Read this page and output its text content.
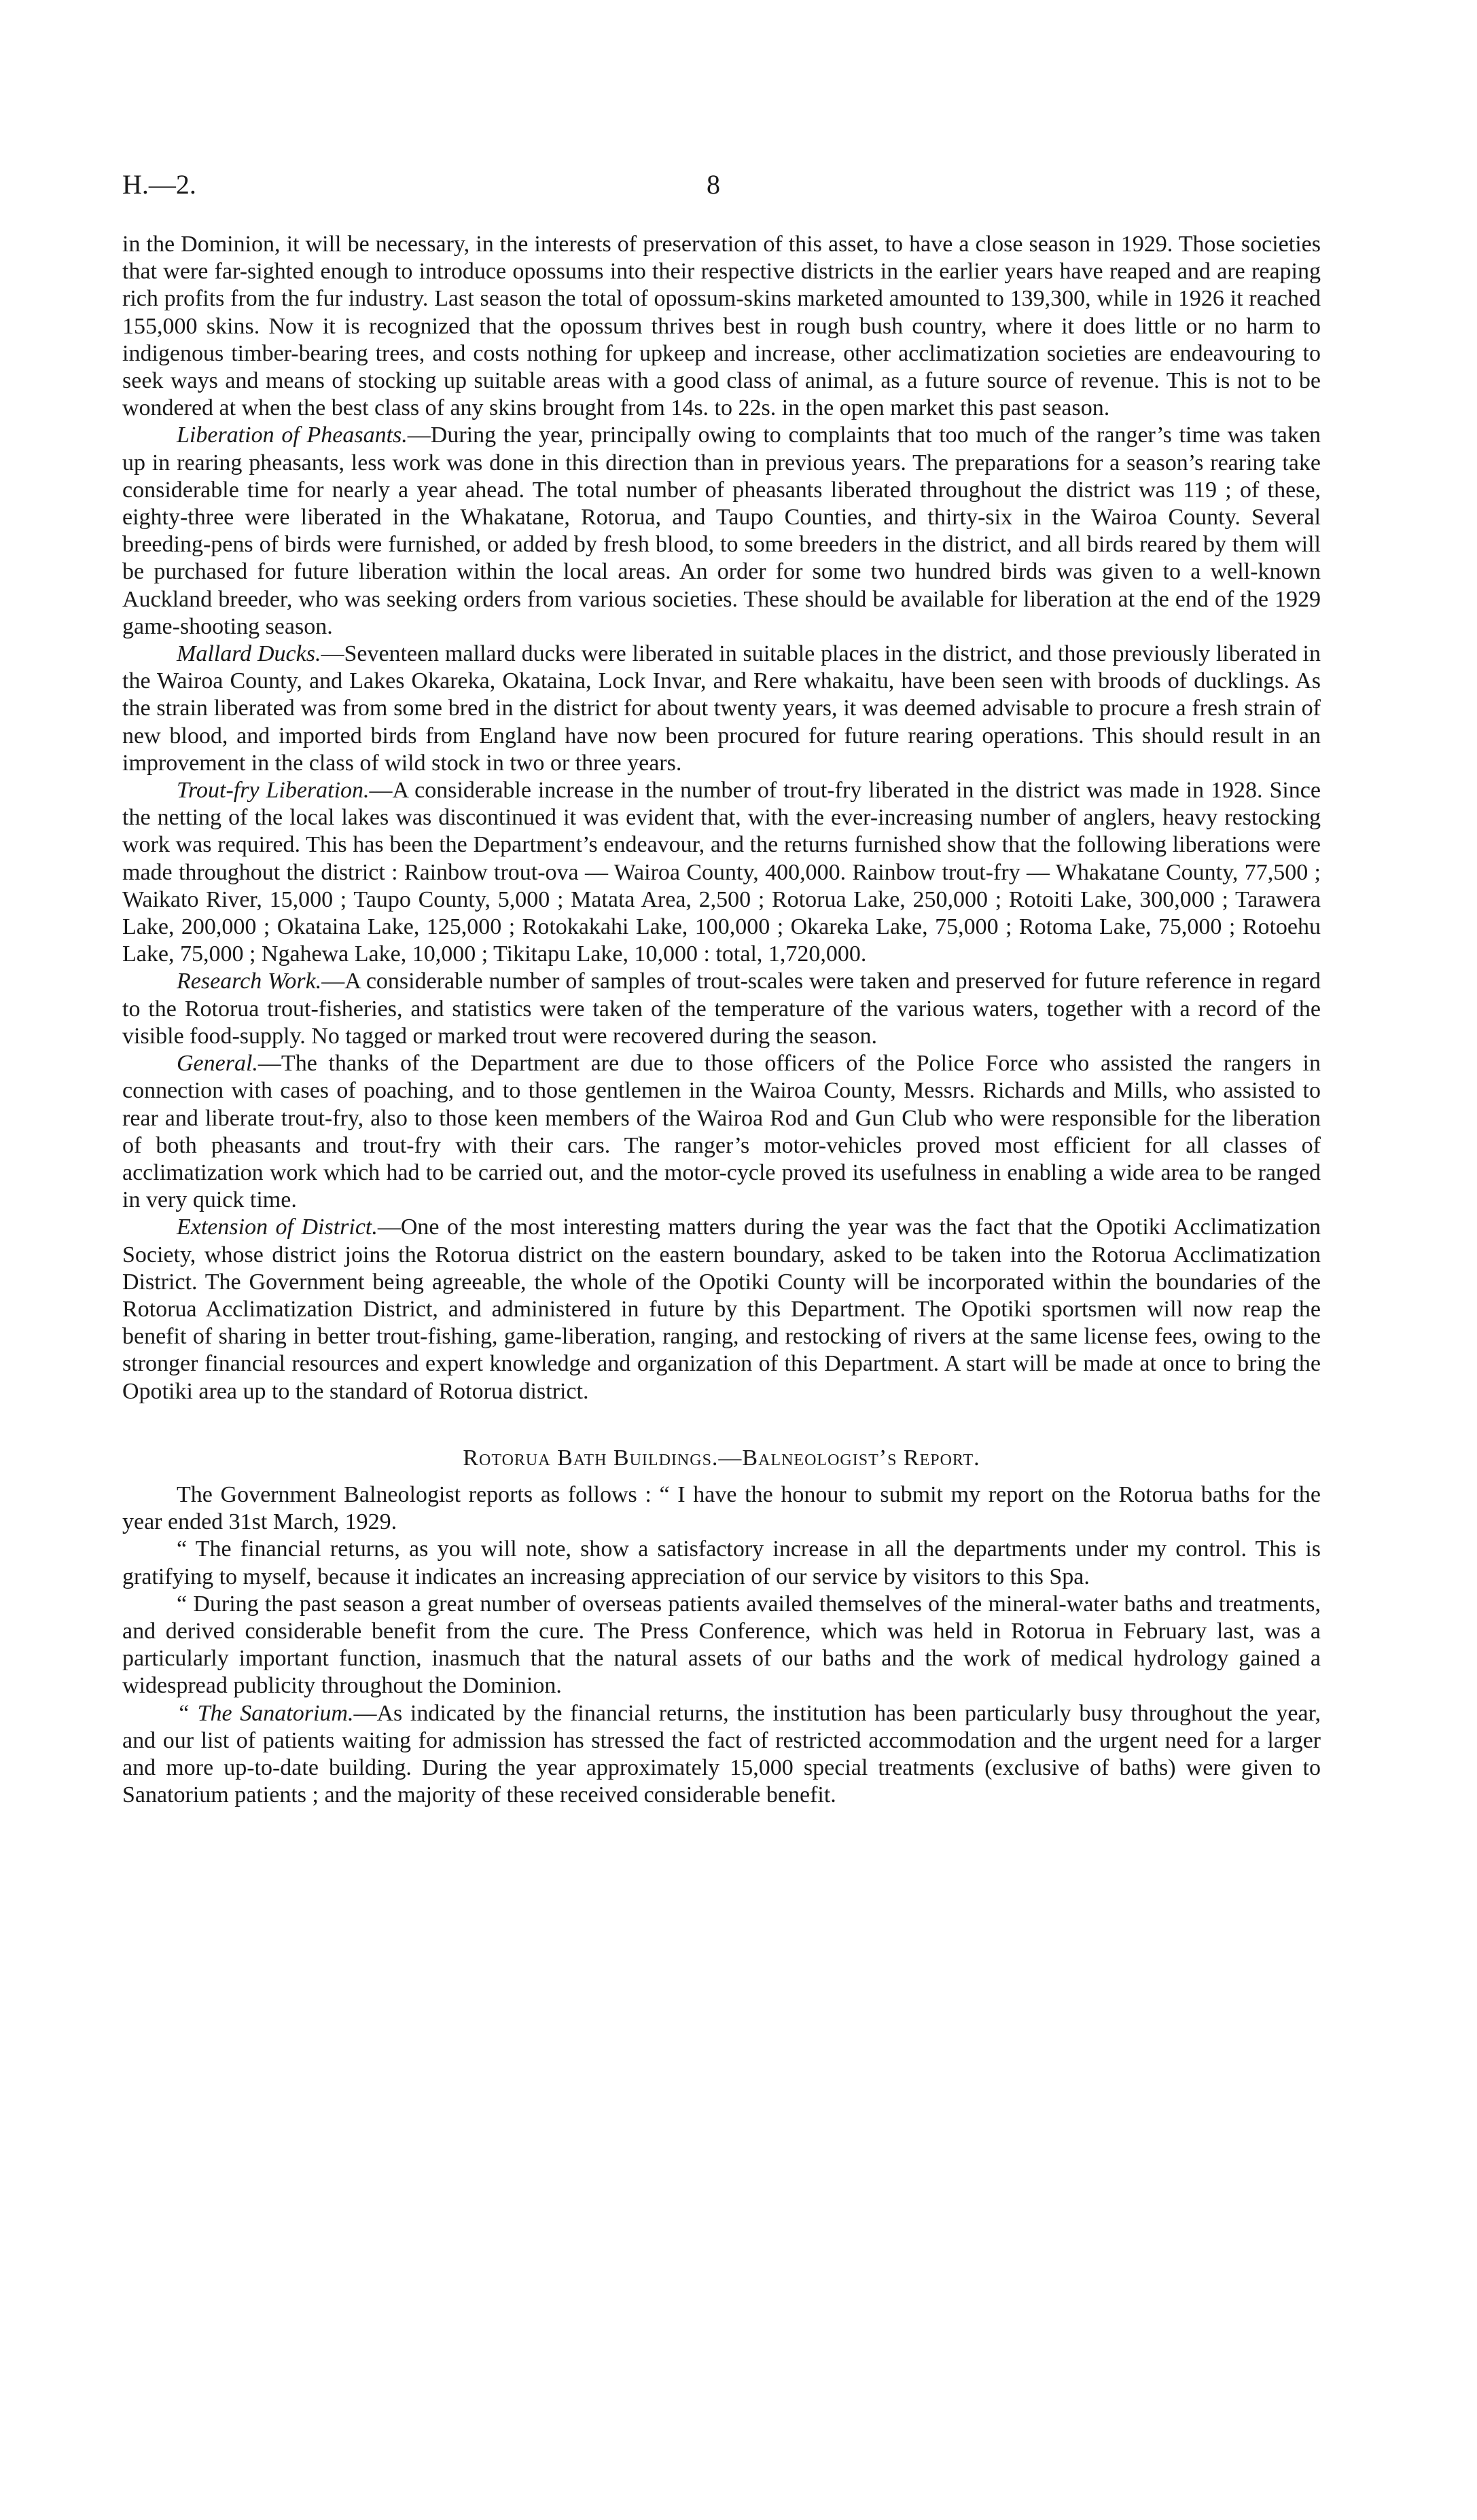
H.—2.	8

in the Dominion, it will be necessary, in the interests of preservation of this asset, to have a close season in 1929. Those societies that were far-sighted enough to introduce opossums into their respective districts in the earlier years have reaped and are reaping rich profits from the fur industry. Last season the total of opossum-skins marketed amounted to 139,300, while in 1926 it reached 155,000 skins. Now it is recognized that the opossum thrives best in rough bush country, where it does little or no harm to indigenous timber-bearing trees, and costs nothing for upkeep and increase, other acclimatization societies are endeavouring to seek ways and means of stocking up suitable areas with a good class of animal, as a future source of revenue. This is not to be wondered at when the best class of any skins brought from 14s. to 22s. in the open market this past season.

Liberation of Pheasants.—During the year, principally owing to complaints that too much of the ranger’s time was taken up in rearing pheasants, less work was done in this direction than in previous years. The preparations for a season’s rearing take considerable time for nearly a year ahead. The total number of pheasants liberated throughout the district was 119 ; of these, eighty-three were liberated in the Whakatane, Rotorua, and Taupo Counties, and thirty-six in the Wairoa County. Several breeding-pens of birds were furnished, or added by fresh blood, to some breeders in the district, and all birds reared by them will be purchased for future liberation within the local areas. An order for some two hundred birds was given to a well-known Auckland breeder, who was seeking orders from various societies. These should be available for liberation at the end of the 1929 game-shooting season.

Mallard Ducks.—Seventeen mallard ducks were liberated in suitable places in the district, and those previously liberated in the Wairoa County, and Lakes Okareka, Okataina, Lock Invar, and Rere whakaitu, have been seen with broods of ducklings. As the strain liberated was from some bred in the district for about twenty years, it was deemed advisable to procure a fresh strain of new blood, and imported birds from England have now been procured for future rearing operations. This should result in an improvement in the class of wild stock in two or three years.

Trout-fry Liberation.—A considerable increase in the number of trout-fry liberated in the district was made in 1928. Since the netting of the local lakes was discontinued it was evident that, with the ever-increasing number of anglers, heavy restocking work was required. This has been the Department’s endeavour, and the returns furnished show that the following liberations were made throughout the district : Rainbow trout-ova — Wairoa County, 400,000. Rainbow trout-fry — Whakatane County, 77,500 ; Waikato River, 15,000 ; Taupo County, 5,000 ; Matata Area, 2,500 ; Rotorua Lake, 250,000 ; Rotoiti Lake, 300,000 ; Tarawera Lake, 200,000 ; Okataina Lake, 125,000 ; Rotokakahi Lake, 100,000 ; Okareka Lake, 75,000 ; Rotoma Lake, 75,000 ; Rotoehu Lake, 75,000 ; Ngahewa Lake, 10,000 ; Tikitapu Lake, 10,000 : total, 1,720,000.

Research Work.—A considerable number of samples of trout-scales were taken and preserved for future reference in regard to the Rotorua trout-fisheries, and statistics were taken of the temperature of the various waters, together with a record of the visible food-supply. No tagged or marked trout were recovered during the season.

General.—The thanks of the Department are due to those officers of the Police Force who assisted the rangers in connection with cases of poaching, and to those gentlemen in the Wairoa County, Messrs. Richards and Mills, who assisted to rear and liberate trout-fry, also to those keen members of the Wairoa Rod and Gun Club who were responsible for the liberation of both pheasants and trout-fry with their cars. The ranger’s motor-vehicles proved most efficient for all classes of acclimatization work which had to be carried out, and the motor-cycle proved its usefulness in enabling a wide area to be ranged in very quick time.

Extension of District.—One of the most interesting matters during the year was the fact that the Opotiki Acclimatization Society, whose district joins the Rotorua district on the eastern boundary, asked to be taken into the Rotorua Acclimatization District. The Government being agreeable, the whole of the Opotiki County will be incorporated within the boundaries of the Rotorua Acclimatization District, and administered in future by this Department. The Opotiki sportsmen will now reap the benefit of sharing in better trout-fishing, game-liberation, ranging, and restocking of rivers at the same license fees, owing to the stronger financial resources and expert knowledge and organization of this Department. A start will be made at once to bring the Opotiki area up to the standard of Rotorua district.

Rotorua Bath Buildings.—Balneologist’s Report.

The Government Balneologist reports as follows : “ I have the honour to submit my report on the Rotorua baths for the year ended 31st March, 1929.

“ The financial returns, as you will note, show a satisfactory increase in all the departments under my control. This is gratifying to myself, because it indicates an increasing appreciation of our service by visitors to this Spa.

“ During the past season a great number of overseas patients availed themselves of the mineral-water baths and treatments, and derived considerable benefit from the cure. The Press Conference, which was held in Rotorua in February last, was a particularly important function, inasmuch that the natural assets of our baths and the work of medical hydrology gained a widespread publicity throughout the Dominion.

“ The Sanatorium.—As indicated by the financial returns, the institution has been particularly busy throughout the year, and our list of patients waiting for admission has stressed the fact of restricted accommodation and the urgent need for a larger and more up-to-date building. During the year approximately 15,000 special treatments (exclusive of baths) were given to Sanatorium patients ; and the majority of these received considerable benefit.
